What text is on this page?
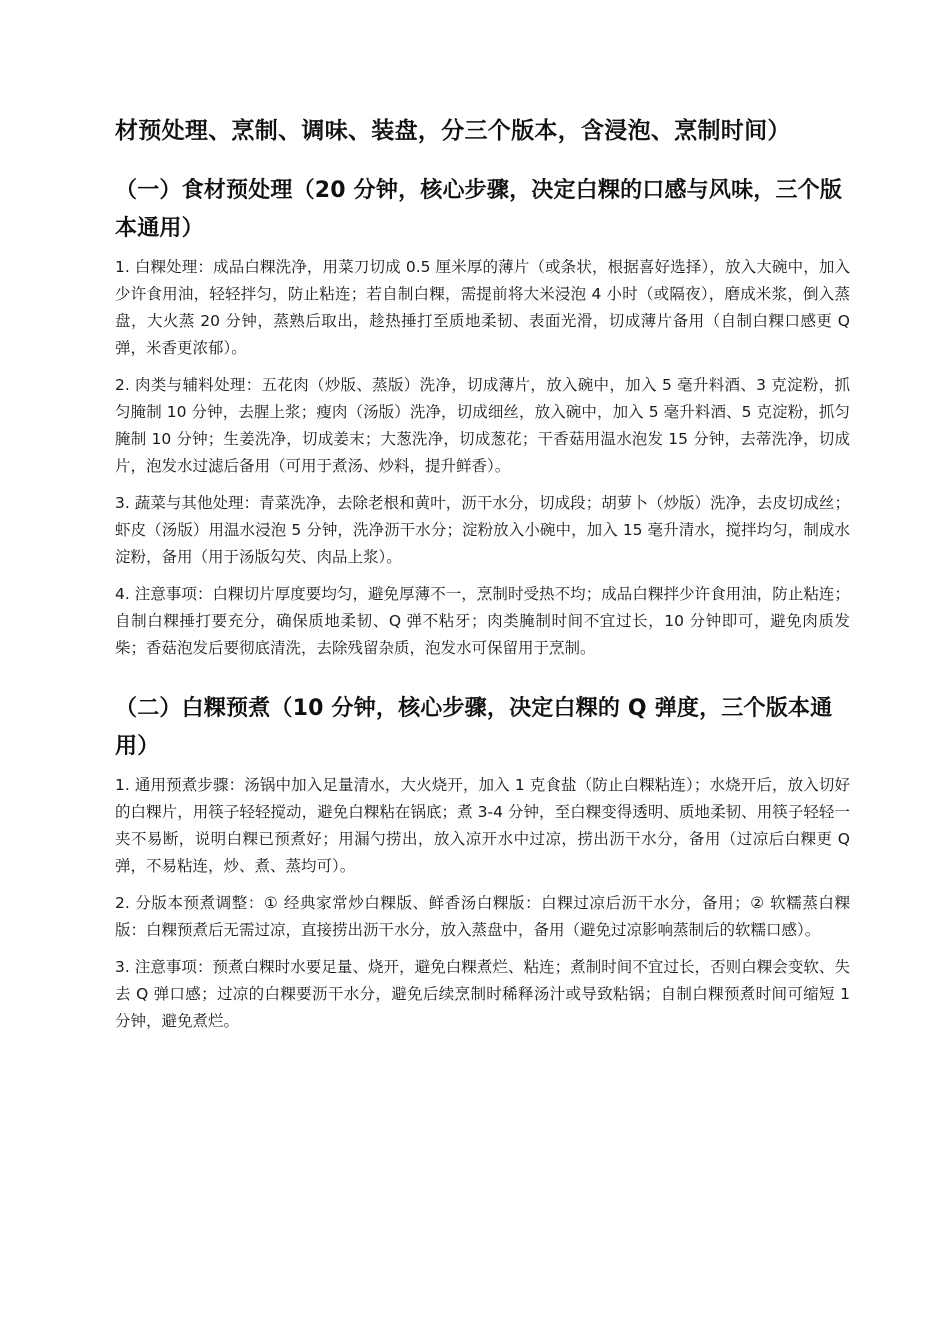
材预处理、烹制、调味、装盘，分三个版本，含浸泡、烹制时间）
（一）食材预处理（20 分钟，核心步骤，决定白粿的口感与风味，三个版本通用）

1. 白粿处理：成品白粿洗净，用菜刀切成 0.5 厘米厚的薄片（或条状，根据喜好选择），放入大碗中，加入少许食用油，轻轻拌匀，防止粘连；若自制白粿，需提前将大米浸泡 4 小时（或隔夜），磨成米浆，倒入蒸盘，大火蒸 20 分钟，蒸熟后取出，趁热捶打至质地柔韧、表面光滑，切成薄片备用（自制白粿口感更 Q 弹，米香更浓郁）。

2. 肉类与辅料处理：五花肉（炒版、蒸版）洗净，切成薄片，放入碗中，加入 5 毫升料酒、3 克淀粉，抓匀腌制 10 分钟，去腥上浆；瘦肉（汤版）洗净，切成细丝，放入碗中，加入 5 毫升料酒、5 克淀粉，抓匀腌制 10 分钟；生姜洗净，切成姜末；大葱洗净，切成葱花；干香菇用温水泡发 15 分钟，去蒂洗净，切成片，泡发水过滤后备用（可用于煮汤、炒料，提升鲜香）。

3. 蔬菜与其他处理：青菜洗净，去除老根和黄叶，沥干水分，切成段；胡萝卜（炒版）洗净，去皮切成丝；虾皮（汤版）用温水浸泡 5 分钟，洗净沥干水分；淀粉放入小碗中，加入 15 毫升清水，搅拌均匀，制成水淀粉，备用（用于汤版勾芡、肉品上浆）。

4. 注意事项：白粿切片厚度要均匀，避免厚薄不一，烹制时受热不均；成品白粿拌少许食用油，防止粘连；自制白粿捶打要充分，确保质地柔韧、Q 弹不粘牙；肉类腌制时间不宜过长，10 分钟即可，避免肉质发柴；香菇泡发后要彻底清洗，去除残留杂质，泡发水可保留用于烹制。

（二）白粿预煮（10 分钟，核心步骤，决定白粿的 Q 弹度，三个版本通用）

1. 通用预煮步骤：汤锅中加入足量清水，大火烧开，加入 1 克食盐（防止白粿粘连）；水烧开后，放入切好的白粿片，用筷子轻轻搅动，避免白粿粘在锅底；煮 3-4 分钟，至白粿变得透明、质地柔韧、用筷子轻轻一夹不易断，说明白粿已预煮好；用漏勺捞出，放入凉开水中过凉，捞出沥干水分，备用（过凉后白粿更 Q 弹，不易粘连，炒、煮、蒸均可）。

2. 分版本预煮调整：① 经典家常炒白粿版、鲜香汤白粿版：白粿过凉后沥干水分，备用；② 软糯蒸白粿版：白粿预煮后无需过凉，直接捞出沥干水分，放入蒸盘中，备用（避免过凉影响蒸制后的软糯口感）。

3. 注意事项：预煮白粿时水要足量、烧开，避免白粿煮烂、粘连；煮制时间不宜过长，否则白粿会变软、失去 Q 弹口感；过凉的白粿要沥干水分，避免后续烹制时稀释汤汁或导致粘锅；自制白粿预煮时间可缩短 1 分钟，避免煮烂。
